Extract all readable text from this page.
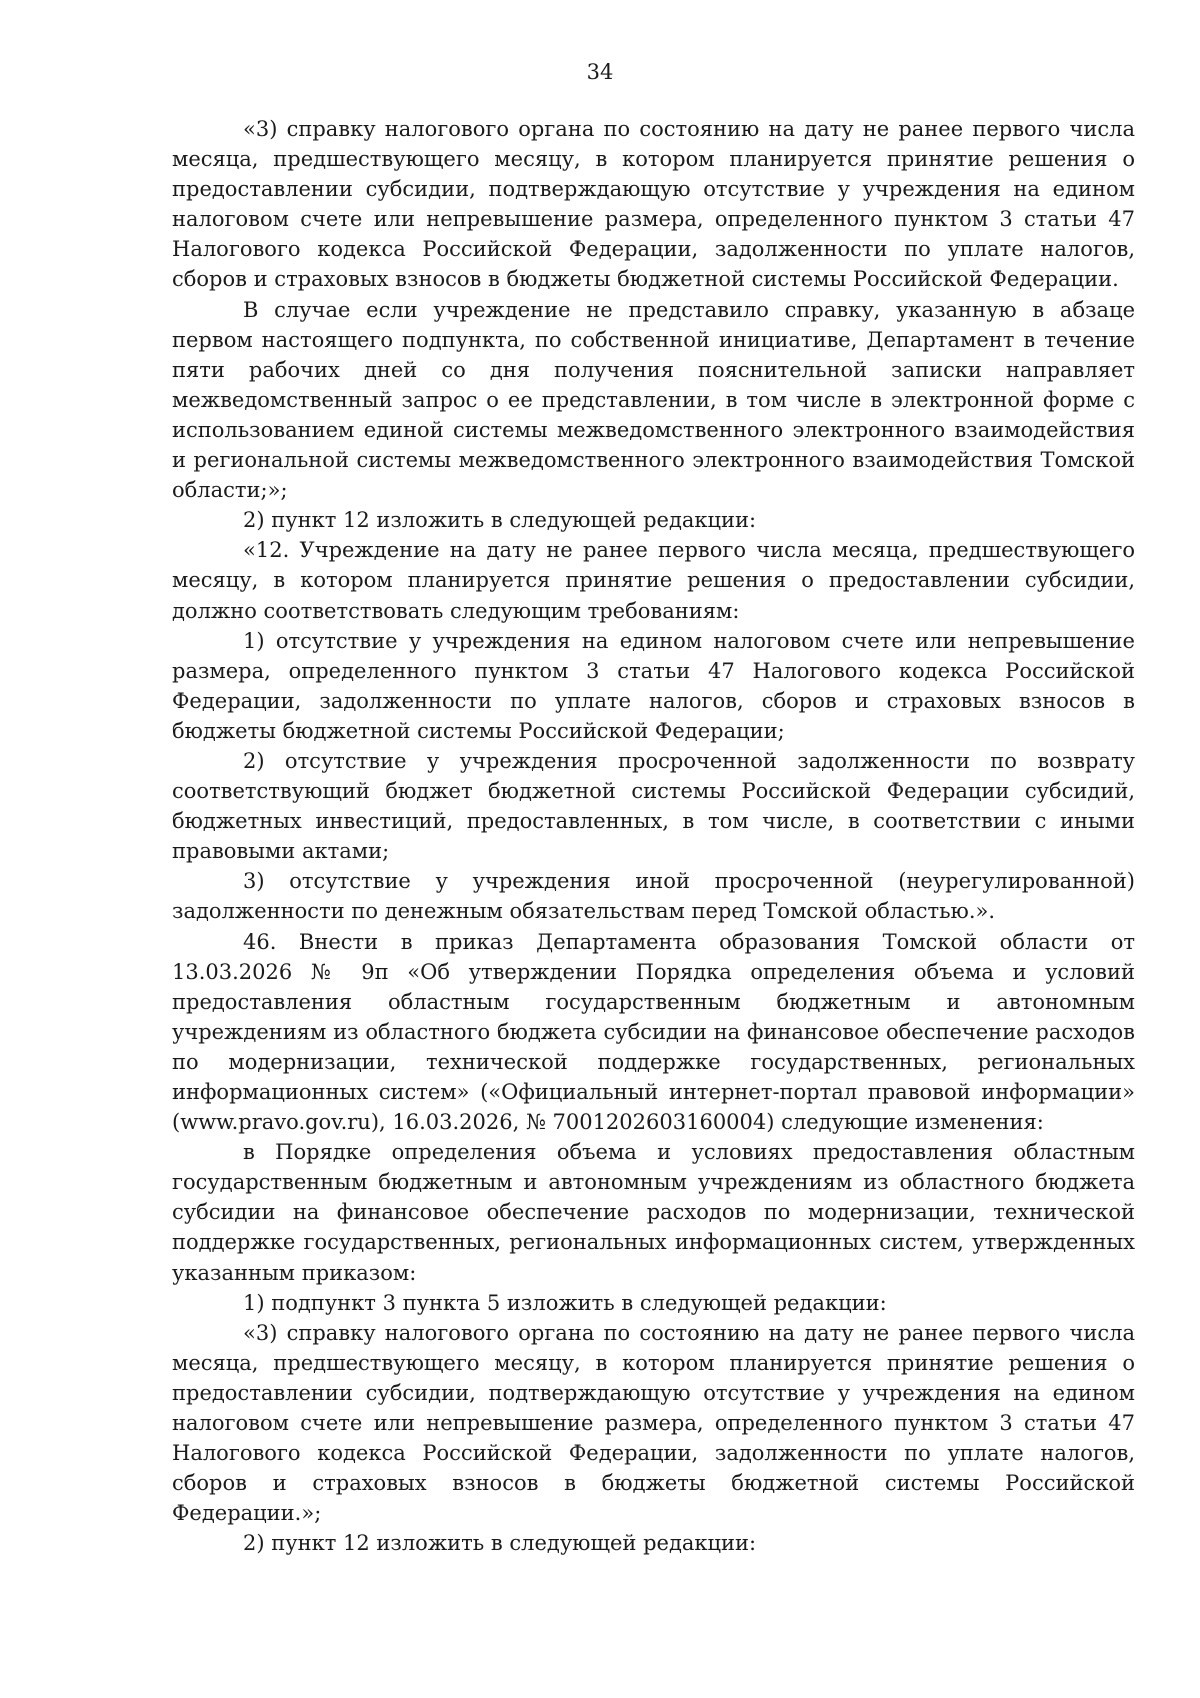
34

«3) справку налогового органа по состоянию на дату не ранее первого числа месяца, предшествующего месяцу, в котором планируется принятие решения о предоставлении субсидии, подтверждающую отсутствие у учреждения на едином налоговом счете или непревышение размера, определенного пунктом 3 статьи 47 Налогового кодекса Российской Федерации, задолженности по уплате налогов, сборов и страховых взносов в бюджеты бюджетной системы Российской Федерации.

В случае если учреждение не представило справку, указанную в абзаце первом настоящего подпункта, по собственной инициативе, Департамент в течение пяти рабочих дней со дня получения пояснительной записки направляет межведомственный запрос о ее представлении, в том числе в электронной форме с использованием единой системы межведомственного электронного взаимодействия и региональной системы межведомственного электронного взаимодействия Томской области;»;

2) пункт 12 изложить в следующей редакции:

«12. Учреждение на дату не ранее первого числа месяца, предшествующего месяцу, в котором планируется принятие решения о предоставлении субсидии, должно соответствовать следующим требованиям:

1) отсутствие у учреждения на едином налоговом счете или непревышение размера, определенного пунктом 3 статьи 47 Налогового кодекса Российской Федерации, задолженности по уплате налогов, сборов и страховых взносов в бюджеты бюджетной системы Российской Федерации;

2) отсутствие у учреждения просроченной задолженности по возврату соответствующий бюджет бюджетной системы Российской Федерации субсидий, бюджетных инвестиций, предоставленных, в том числе, в соответствии с иными правовыми актами;

3) отсутствие у учреждения иной просроченной (неурегулированной) задолженности по денежным обязательствам перед Томской областью.».

46. Внести в приказ Департамента образования Томской области от 13.03.2026 № 9п «Об утверждении Порядка определения объема и условий предоставления областным государственным бюджетным и автономным учреждениям из областного бюджета субсидии на финансовое обеспечение расходов по модернизации, технической поддержке государственных, региональных информационных систем» («Официальный интернет-портал правовой информации» (www.pravo.gov.ru), 16.03.2026, № 7001202603160004) следующие изменения:

в Порядке определения объема и условиях предоставления областным государственным бюджетным и автономным учреждениям из областного бюджета субсидии на финансовое обеспечение расходов по модернизации, технической поддержке государственных, региональных информационных систем, утвержденных указанным приказом:

1) подпункт 3 пункта 5 изложить в следующей редакции:

«3) справку налогового органа по состоянию на дату не ранее первого числа месяца, предшествующего месяцу, в котором планируется принятие решения о предоставлении субсидии, подтверждающую отсутствие у учреждения на едином налоговом счете или непревышение размера, определенного пунктом 3 статьи 47 Налогового кодекса Российской Федерации, задолженности по уплате налогов, сборов и страховых взносов в бюджеты бюджетной системы Российской Федерации.»;

2) пункт 12 изложить в следующей редакции:
